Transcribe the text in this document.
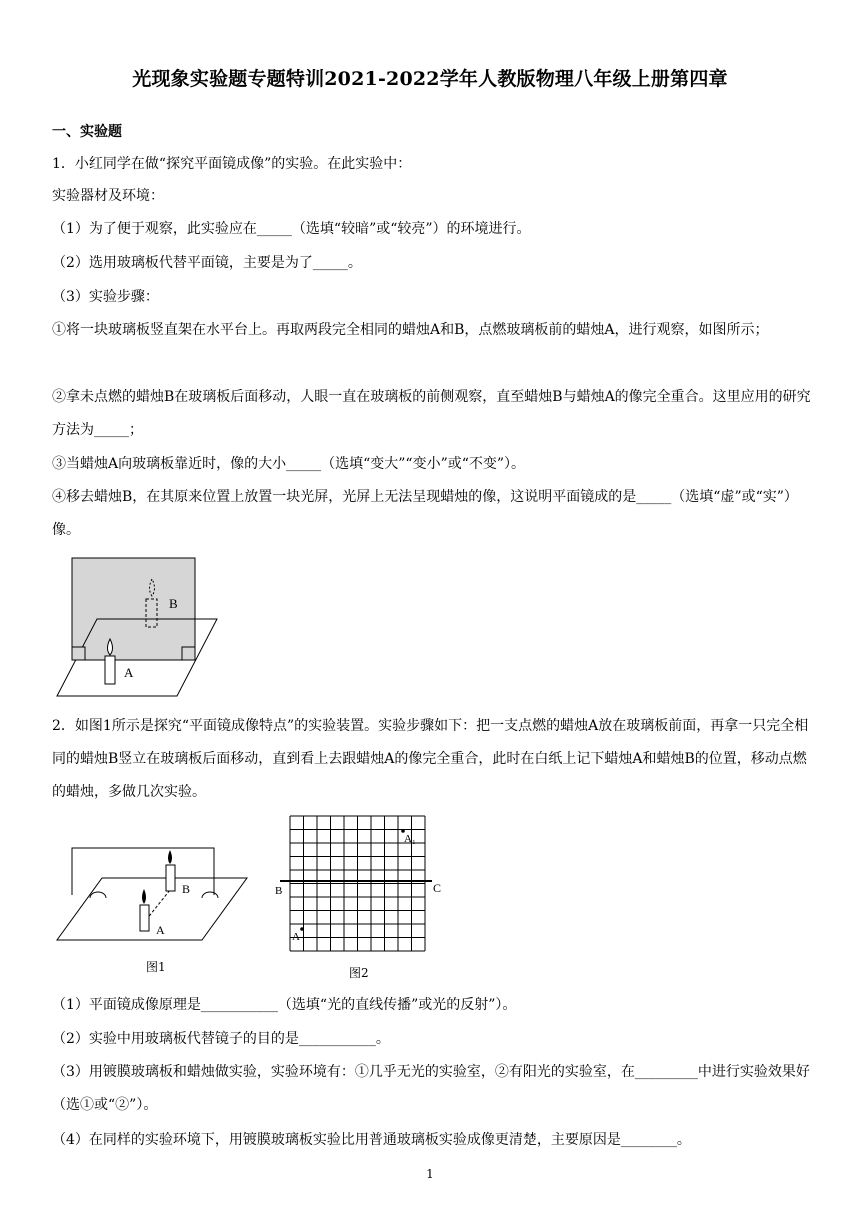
光现象实验题专题特训2021-2022学年人教版物理八年级上册第四章
一、实验题
1．小红同学在做“探究平面镜成像”的实验。在此实验中：
实验器材及环境：
（1）为了便于观察，此实验应在_____（选填“较暗”或“较亮”）的环境进行。
（2）选用玻璃板代替平面镜，主要是为了_____。
（3）实验步骤：
①将一块玻璃板竖直架在水平台上。再取两段完全相同的蜡烛A和B，点燃玻璃板前的蜡烛A，进行观察，如图所示；
②拿未点燃的蜡烛B在玻璃板后面移动，人眼一直在玻璃板的前侧观察，直至蜡烛B与蜡烛A的像完全重合。这里应用的研究方法为_____；
③当蜡烛A向玻璃板靠近时，像的大小_____（选填“变大”“变小”或“不变”）。
④移去蜡烛B，在其原来位置上放置一块光屏，光屏上无法呈现蜡烛的像，这说明平面镜成的是_____（选填“虚”或“实”）像。
B
A
2．如图1所示是探究“平面镜成像特点”的实验装置。实验步骤如下：把一支点燃的蜡烛A放在玻璃板前面，再拿一只完全相同的蜡烛B竖立在玻璃板后面移动，直到看上去跟蜡烛A的像完全重合，此时在白纸上记下蜡烛A和蜡烛B的位置，移动点燃的蜡烛，多做几次实验。
B
A
图1
A₁
A
B	C
图2
（1）平面镜成像原理是___________（选填“光的直线传播”或光的反射”）。
（2）实验中用玻璃板代替镜子的目的是___________。
（3）用镀膜玻璃板和蜡烛做实验，实验环境有：①几乎无光的实验室，②有阳光的实验室，在_________中进行实验效果好（选①或“②”）。
（4）在同样的实验环境下，用镀膜玻璃板实验比用普通玻璃板实验成像更清楚，主要原因是________。
1
